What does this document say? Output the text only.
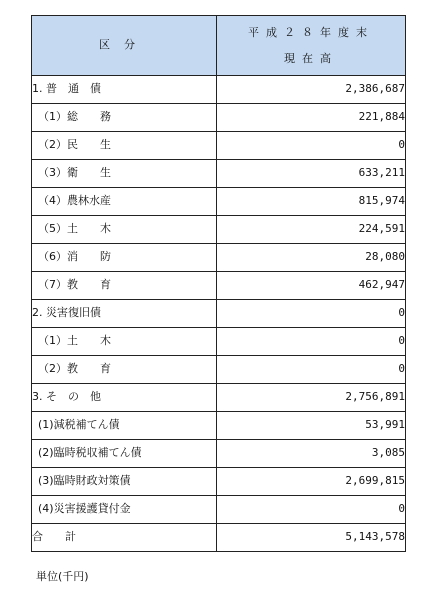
区分	平成２８年度末
現在高

1. 普　通　債	2,386,687
（1）総　　務	221,884
（2）民　　生	0
（3）衛　　生	633,211
（4）農林水産	815,974
（5）土　　木	224,591
（6）消　　防	28,080
（7）教　　育	462,947
2. 災害復旧債	0
（1）土　　木	0
（2）教　　育	0
3. そ　の　他	2,756,891
(1)減税補てん債	53,991
(2)臨時税収補てん債	3,085
(3)臨時財政対策債	2,699,815
(4)災害援護貸付金	0
合　　計	5,143,578
単位(千円)
